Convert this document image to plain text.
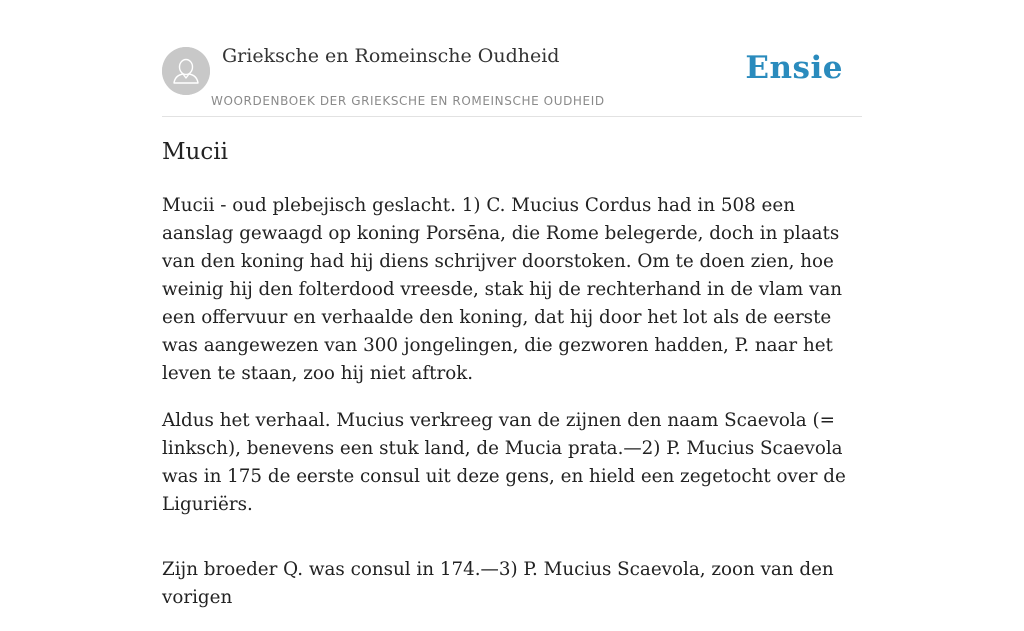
Grieksche en Romeinsche Oudheid
WOORDENBOEK DER GRIEKSCHE EN ROMEINSCHE OUDHEID
Ensie
Mucii

Mucii - oud plebejisch geslacht. 1) C. Mucius Cordus had in 508 een aanslag gewaagd op koning Porsēna, die Rome belegerde, doch in plaats van den koning had hij diens schrijver doorstoken. Om te doen zien, hoe weinig hij den folterdood vreesde, stak hij de rechterhand in de vlam van een offervuur en verhaalde den koning, dat hij door het lot als de eerste was aangewezen van 300 jongelingen, die gezworen hadden, P. naar het leven te staan, zoo hij niet aftrok.

Aldus het verhaal. Mucius verkreeg van de zijnen den naam Scaevola (= linksch), benevens een stuk land, de Mucia prata.—2) P. Mucius Scaevola was in 175 de eerste consul uit deze gens, en hield een zegetocht over de Liguriërs.

Zijn broeder Q. was consul in 174.—3) P. Mucius Scaevola, zoon van den vorigen
